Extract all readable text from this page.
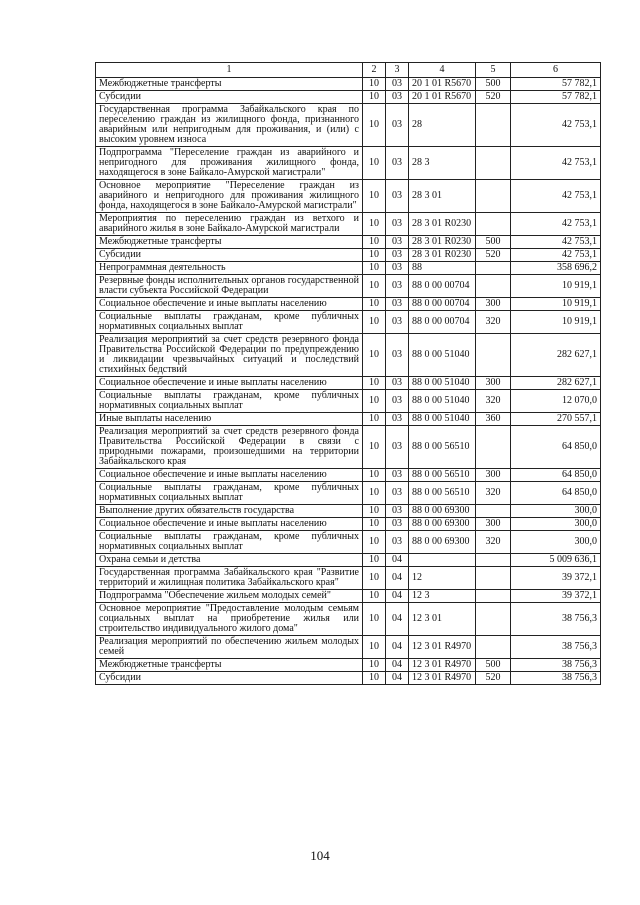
1	2	3	4	5	6
Межбюджетные трансферты	10	03	20 1 01 R5670	500	57 782,1
Субсидии	10	03	20 1 01 R5670	520	57 782,1
Государственная программа Забайкальского края по переселению граждан из жилищного фонда, признанного аварийным или непригодным для проживания, и (или) с высоким уровнем износа	10	03	28		42 753,1
Подпрограмма "Переселение граждан из аварийного и непригодного для проживания жилищного фонда, находящегося в зоне Байкало-Амурской магистрали"	10	03	28 3		42 753,1
Основное мероприятие "Переселение граждан из аварийного и непригодного для проживания жилищного фонда, находящегося в зоне Байкало-Амурской магистрали"	10	03	28 3 01		42 753,1
Мероприятия по переселению граждан из ветхого и аварийного жилья в зоне Байкало-Амурской магистрали	10	03	28 3 01 R0230		42 753,1
Межбюджетные трансферты	10	03	28 3 01 R0230	500	42 753,1
Субсидии	10	03	28 3 01 R0230	520	42 753,1
Непрограммная деятельность	10	03	88		358 696,2
Резервные фонды исполнительных органов государственной власти субъекта Российской Федерации	10	03	88 0 00 00704		10 919,1
Социальное обеспечение и иные выплаты населению	10	03	88 0 00 00704	300	10 919,1
Социальные выплаты гражданам, кроме публичных нормативных социальных выплат	10	03	88 0 00 00704	320	10 919,1
Реализация мероприятий за счет средств резервного фонда Правительства Российской Федерации по предупреждению и ликвидации чрезвычайных ситуаций и последствий стихийных бедствий	10	03	88 0 00 51040		282 627,1
Социальное обеспечение и иные выплаты населению	10	03	88 0 00 51040	300	282 627,1
Социальные выплаты гражданам, кроме публичных нормативных социальных выплат	10	03	88 0 00 51040	320	12 070,0
Иные выплаты населению	10	03	88 0 00 51040	360	270 557,1
Реализация мероприятий за счет средств резервного фонда Правительства Российской Федерации в связи с природными пожарами, произошедшими на территории Забайкальского края	10	03	88 0 00 56510		64 850,0
Социальное обеспечение и иные выплаты населению	10	03	88 0 00 56510	300	64 850,0
Социальные выплаты гражданам, кроме публичных нормативных социальных выплат	10	03	88 0 00 56510	320	64 850,0
Выполнение других обязательств государства	10	03	88 0 00 69300		300,0
Социальное обеспечение и иные выплаты населению	10	03	88 0 00 69300	300	300,0
Социальные выплаты гражданам, кроме публичных нормативных социальных выплат	10	03	88 0 00 69300	320	300,0
Охрана семьи и детства	10	04			5 009 636,1
Государственная программа Забайкальского края "Развитие территорий и жилищная политика Забайкальского края"	10	04	12		39 372,1
Подпрограмма "Обеспечение жильем молодых семей"	10	04	12 3		39 372,1
Основное мероприятие "Предоставление молодым семьям социальных выплат на приобретение жилья или строительство индивидуального жилого дома"	10	04	12 3 01		38 756,3
Реализация мероприятий по обеспечению жильем молодых семей	10	04	12 3 01 R4970		38 756,3
Межбюджетные трансферты	10	04	12 3 01 R4970	500	38 756,3
Субсидии	10	04	12 3 01 R4970	520	38 756,3
104
